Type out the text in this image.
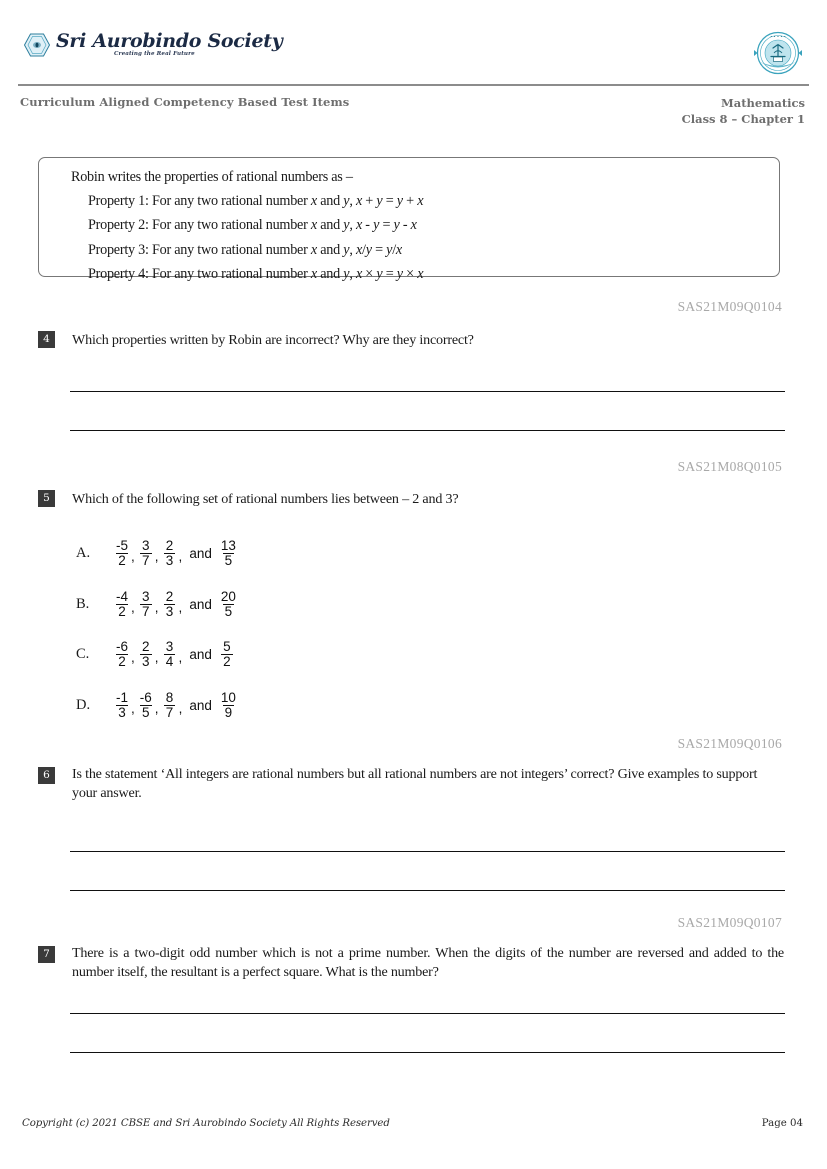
Sri Aurobindo Society
Creating the Real Future
• • • • •
•••••
Curriculum Aligned Competency Based Test Items	Mathematics
Class 8 – Chapter 1
Robin writes the properties of rational numbers as –
Property 1: For any two rational number x and y, x + y = y + x
Property 2: For any two rational number x and y, x - y = y - x
Property 3: For any two rational number x and y, x/y = y/x
Property 4: For any two rational number x and y, x × y = y × x
SAS21M09Q0104
4	Which properties written by Robin are incorrect? Why are they incorrect?
SAS21M08Q0105
5	Which of the following set of rational numbers lies between – 2 and 3?
A.	$\frac{-5}{2}$ , $\frac{3}{7}$ , $\frac{2}{3}$ , and $\frac{13}{5}$
B.	$\frac{-4}{2}$ , $\frac{3}{7}$ , $\frac{2}{3}$ , and $\frac{20}{5}$
C.	$\frac{-6}{2}$ , $\frac{2}{3}$ , $\frac{3}{4}$ , and $\frac{5}{2}$
D.	$\frac{-1}{3}$ , $\frac{-6}{5}$ , $\frac{8}{7}$ , and $\frac{10}{9}$
SAS21M09Q0106
6	Is the statement ‘All integers are rational numbers but all rational numbers are not integers’ correct? Give examples to support your answer.
SAS21M09Q0107
7	There is a two-digit odd number which is not a prime number. When the digits of the number are reversed and added to the number itself, the resultant is a perfect square. What is the number?
Copyright (c) 2021 CBSE and Sri Aurobindo Society All Rights Reserved	Page 04
